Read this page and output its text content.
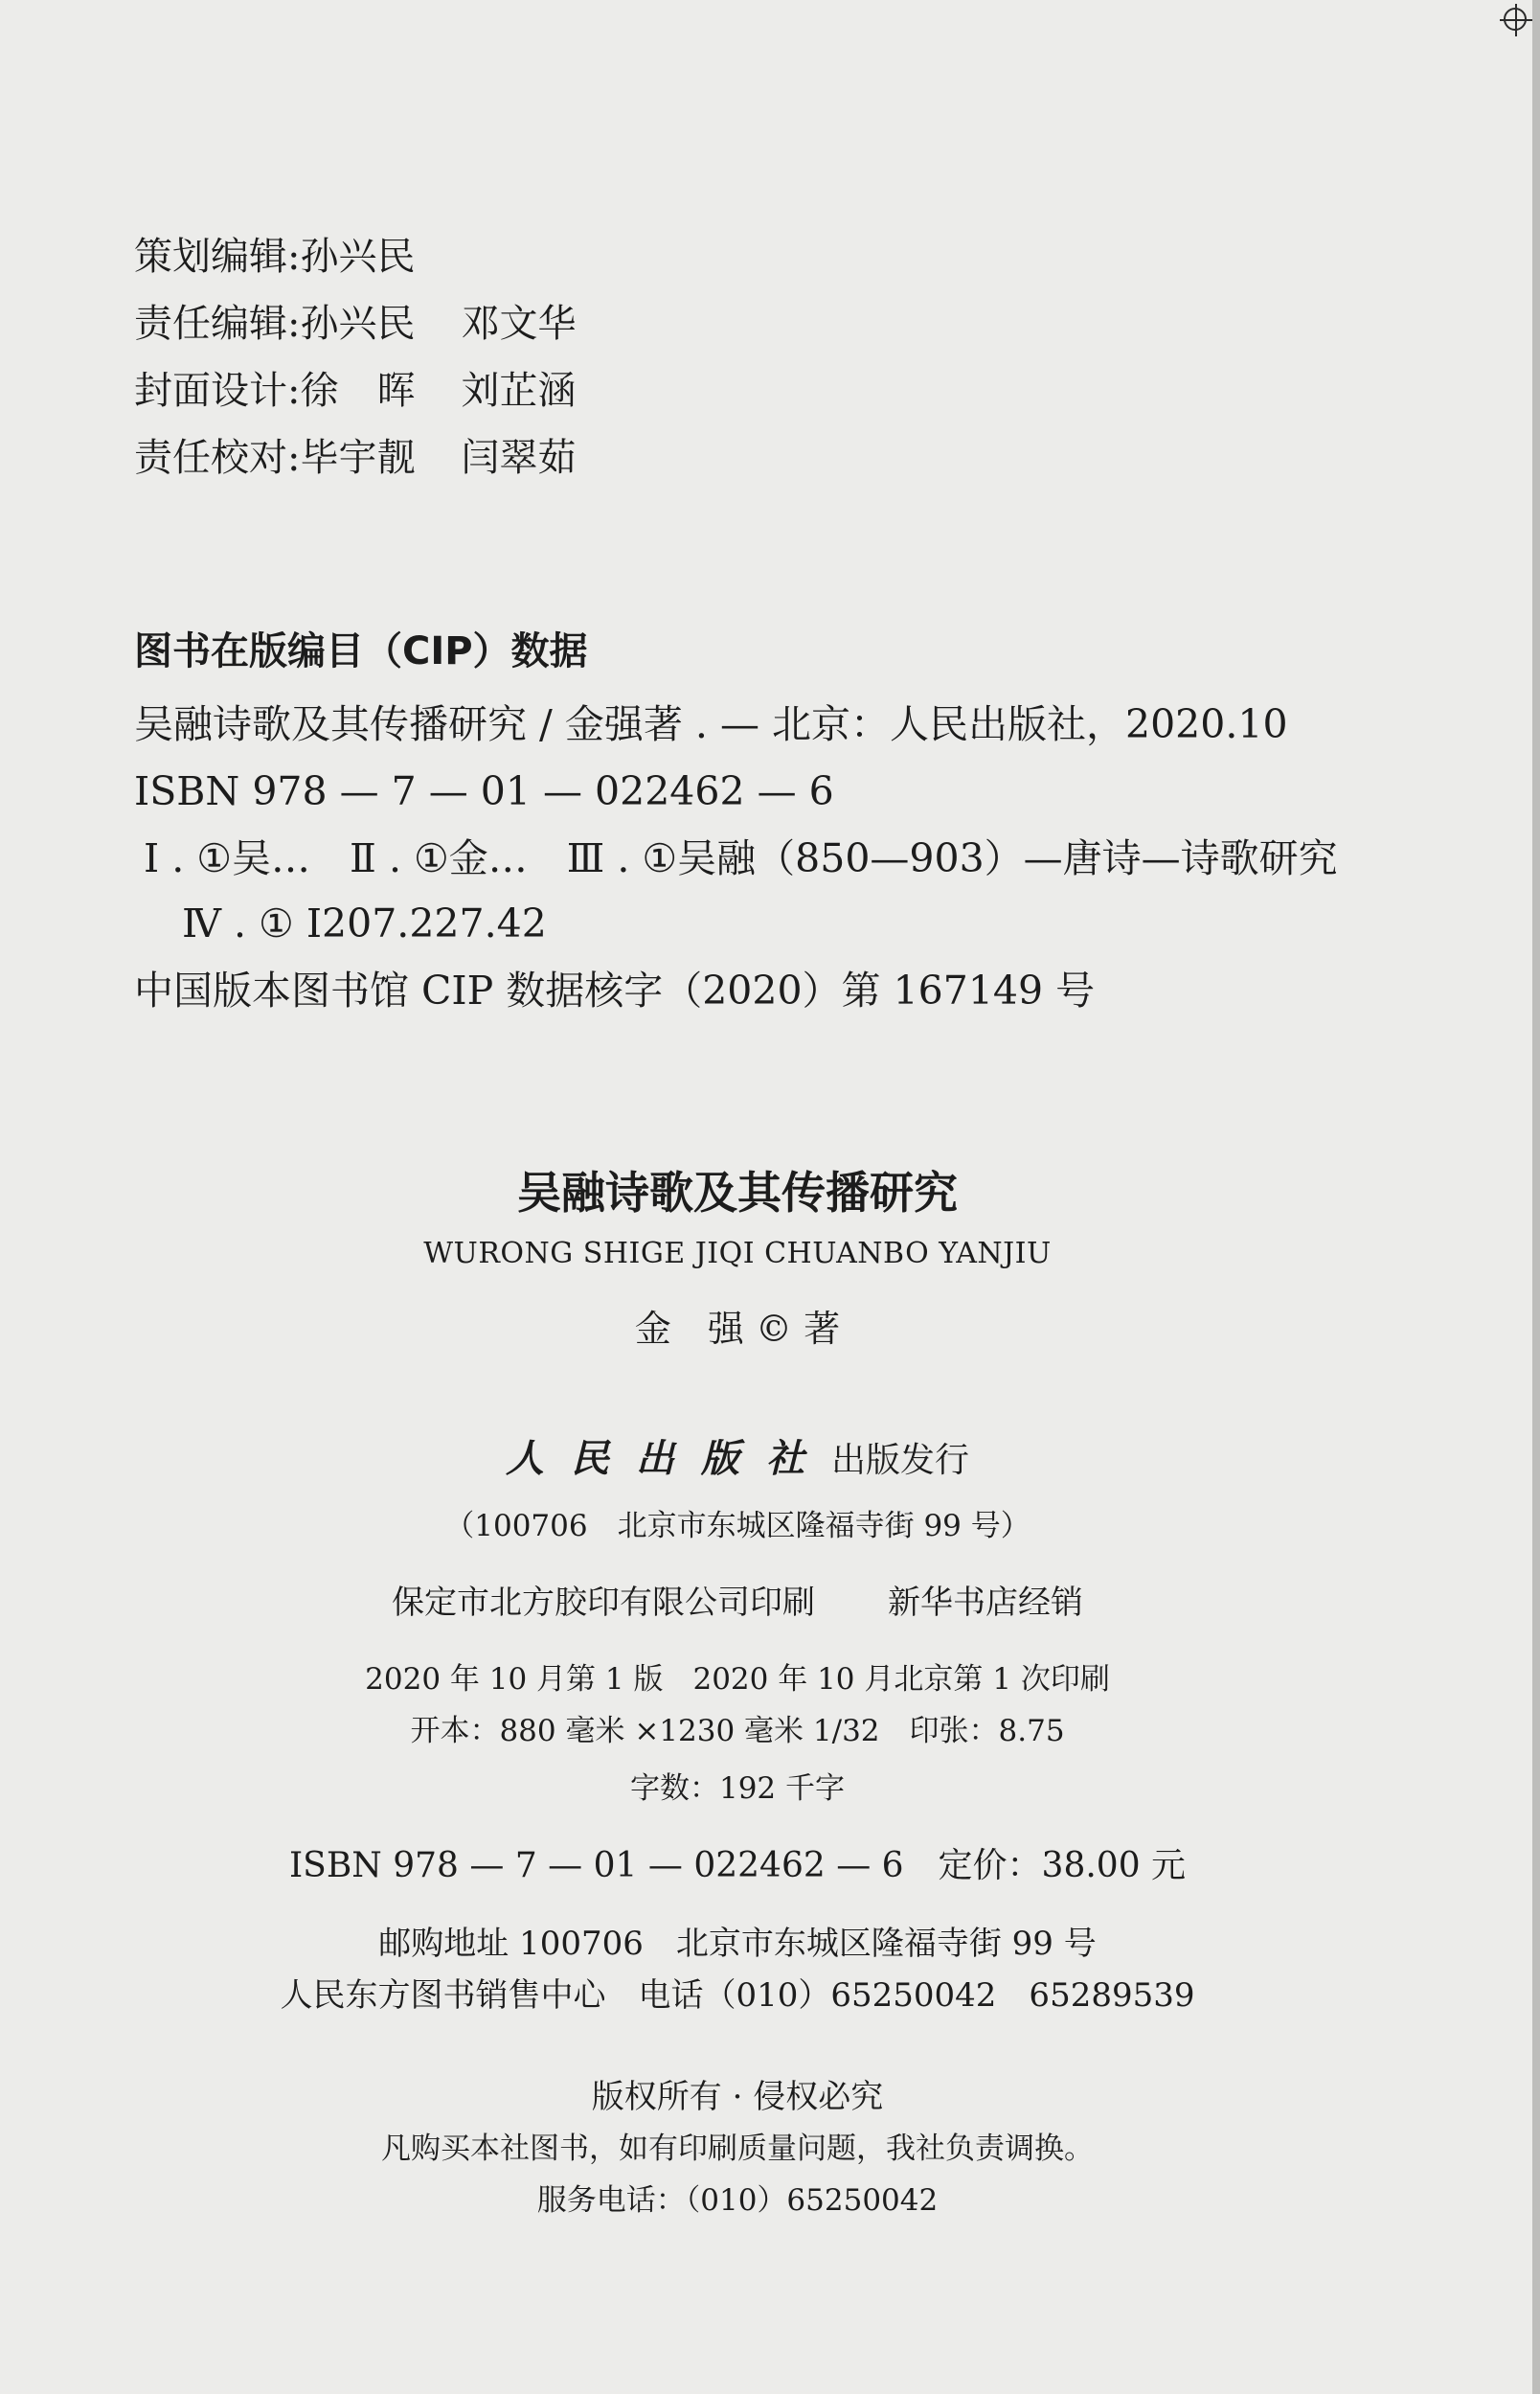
策划编辑:孙兴民
责任编辑:孙兴民 邓文华
封面设计:徐　晖 刘芷涵
责任校对:毕宇靓 闫翠茹
图书在版编目（CIP）数据
吴融诗歌及其传播研究 / 金强著 . — 北京：人民出版社，2020.10
ISBN 978 — 7 — 01 — 022462 — 6
Ⅰ . ①吴…　Ⅱ . ①金…　Ⅲ . ①吴融（850—903）—唐诗—诗歌研究
Ⅳ . ① I207.227.42
中国版本图书馆 CIP 数据核字（2020）第 167149 号
吴融诗歌及其传播研究
WURONG SHIGE JIQI CHUANBO YANJIU
金　强 © 著
人民出版社出版发行
（100706　北京市东城区隆福寺街 99 号）
保定市北方胶印有限公司印刷 新华书店经销
2020 年 10 月第 1 版　2020 年 10 月北京第 1 次印刷
开本：880 毫米 ×1230 毫米 1/32　印张：8.75
字数：192 千字
ISBN 978 — 7 — 01 — 022462 — 6　定价：38.00 元
邮购地址 100706　北京市东城区隆福寺街 99 号
人民东方图书销售中心　电话（010）65250042　65289539
版权所有 · 侵权必究
凡购买本社图书，如有印刷质量问题，我社负责调换。
服务电话：（010）65250042
